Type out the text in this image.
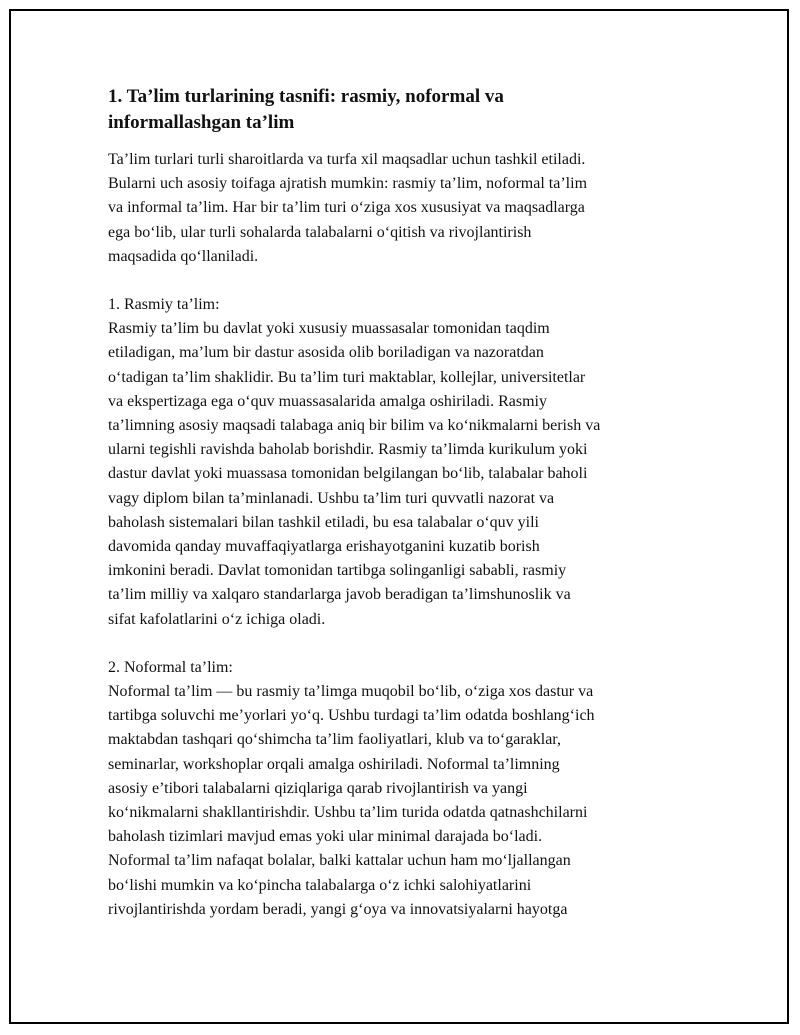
1. Ta’lim turlarining tasnifi: rasmiy, noformal va
informallashgan ta’lim

Ta’lim turlari turli sharoitlarda va turfa xil maqsadlar uchun tashkil etiladi.
Bularni uch asosiy toifaga ajratish mumkin: rasmiy ta’lim, noformal ta’lim
va informal ta’lim. Har bir ta’lim turi o‘ziga xos xususiyat va maqsadlarga
ega bo‘lib, ular turli sohalarda talabalarni o‘qitish va rivojlantirish
maqsadida qo‘llaniladi.

1. Rasmiy ta’lim:
Rasmiy ta’lim bu davlat yoki xususiy muassasalar tomonidan taqdim
etiladigan, ma’lum bir dastur asosida olib boriladigan va nazoratdan
o‘tadigan ta’lim shaklidir. Bu ta’lim turi maktablar, kollejlar, universitetlar
va ekspertizaga ega o‘quv muassasalarida amalga oshiriladi. Rasmiy
ta’limning asosiy maqsadi talabaga aniq bir bilim va ko‘nikmalarni berish va
ularni tegishli ravishda baholab borishdir. Rasmiy ta’limda kurikulum yoki
dastur davlat yoki muassasa tomonidan belgilangan bo‘lib, talabalar baholi
vagy diplom bilan ta’minlanadi. Ushbu ta’lim turi quvvatli nazorat va
baholash sistemalari bilan tashkil etiladi, bu esa talabalar o‘quv yili
davomida qanday muvaffaqiyatlarga erishayotganini kuzatib borish
imkonini beradi. Davlat tomonidan tartibga solinganligi sababli, rasmiy
ta’lim milliy va xalqaro standarlarga javob beradigan ta’limshunoslik va
sifat kafolatlarini o‘z ichiga oladi.

2. Noformal ta’lim:
Noformal ta’lim — bu rasmiy ta’limga muqobil bo‘lib, o‘ziga xos dastur va
tartibga soluvchi me’yorlari yo‘q. Ushbu turdagi ta’lim odatda boshlang‘ich
maktabdan tashqari qo‘shimcha ta’lim faoliyatlari, klub va to‘garaklar,
seminarlar, workshoplar orqali amalga oshiriladi. Noformal ta’limning
asosiy e’tibori talabalarni qiziqlariga qarab rivojlantirish va yangi
ko‘nikmalarni shakllantirishdir. Ushbu ta’lim turida odatda qatnashchilarni
baholash tizimlari mavjud emas yoki ular minimal darajada bo‘ladi.
Noformal ta’lim nafaqat bolalar, balki kattalar uchun ham mo‘ljallangan
bo‘lishi mumkin va ko‘pincha talabalarga o‘z ichki salohiyatlarini
rivojlantirishda yordam beradi, yangi g‘oya va innovatsiyalarni hayotga
